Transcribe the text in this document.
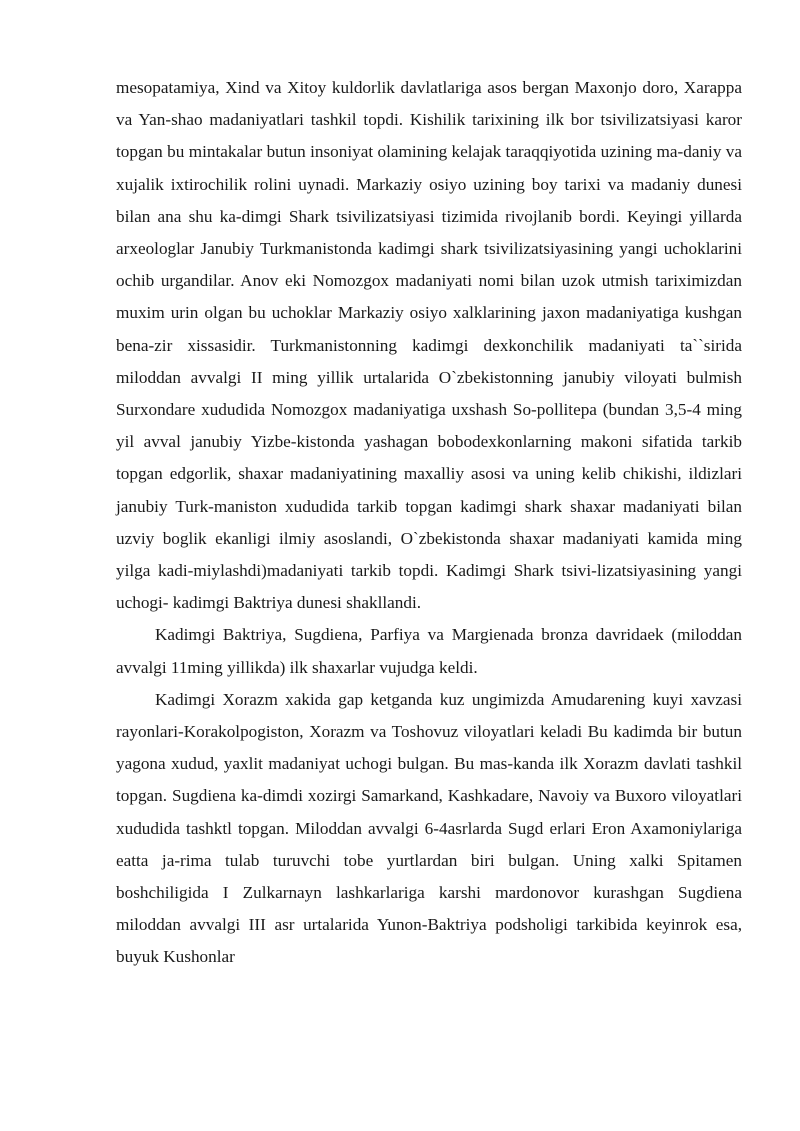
mesopatamiya, Xind va Xitoy kuldorlik davlatlariga asos bergan Maxonjo doro, Xarappa va Yan-shao madaniyatlari tashkil topdi. Kishilik tarixining ilk bor tsivilizatsiyasi karor topgan bu mintakalar butun insoniyat olamining kelajak taraqqiyotida uzining ma-daniy va xujalik ixtirochilik rolini uynadi. Markaziy osiyo uzining boy tarixi va madaniy dunesi bilan ana shu ka-dimgi Shark tsivilizatsiyasi tizimida rivojlanib bordi. Keyingi yillarda arxeologlar Janubiy Turkmanistonda kadimgi shark tsivilizatsiyasining yangi uchoklarini ochib urgandilar. Anov eki Nomozgox madaniyati nomi bilan uzok utmish tariximizdan muxim urin olgan bu uchoklar Markaziy osiyo xalklarining jaxon madaniyatiga kushgan bena-zir xissasidir. Turkmanistonning kadimgi dexkonchilik madaniyati ta``sirida miloddan avvalgi II ming yillik urtalarida O`zbekistonning janubiy viloyati bulmish Surxondare xududida Nomozgox madaniyatiga uxshash So-pollitepa (bundan 3,5-4 ming yil avval janubiy Yizbe-kistonda yashagan bobodexkonlarning makoni sifatida tarkib topgan edgorlik, shaxar madaniyatining maxalliy asosi va uning kelib chikishi, ildizlari janubiy Turk-maniston xududida tarkib topgan kadimgi shark shaxar madaniyati bilan uzviy boglik ekanligi ilmiy asoslandi, O`zbekistonda shaxar madaniyati kamida ming yilga kadi-miylashdi)madaniyati tarkib topdi. Kadimgi Shark tsivi-lizatsiyasining yangi uchogi- kadimgi Baktriya dunesi shakllandi.

Kadimgi Baktriya, Sugdiena, Parfiya va Margienada bronza davridaek (miloddan avvalgi 11ming yillikda) ilk shaxarlar vujudga keldi.

Kadimgi Xorazm xakida gap ketganda kuz ungimizda Amudarening kuyi xavzasi rayonlari-Korakolpogiston, Xorazm va Toshovuz viloyatlari keladi Bu kadimda bir butun yagona xudud, yaxlit madaniyat uchogi bulgan. Bu mas-kanda ilk Xorazm davlati tashkil topgan. Sugdiena ka-dimdi xozirgi Samarkand, Kashkadare, Navoiy va Buxoro viloyatlari xududida tashktl topgan. Miloddan avvalgi 6-4asrlarda Sugd erlari Eron Axamoniylariga eatta ja-rima tulab turuvchi tobe yurtlardan biri bulgan. Uning xalki Spitamen boshchiligida I Zulkarnayn lashkarlariga karshi mardonovor kurashgan Sugdiena miloddan avvalgi III asr urtalarida Yunon-Baktriya podsholigi tarkibida keyinrok esa, buyuk Kushonlar
